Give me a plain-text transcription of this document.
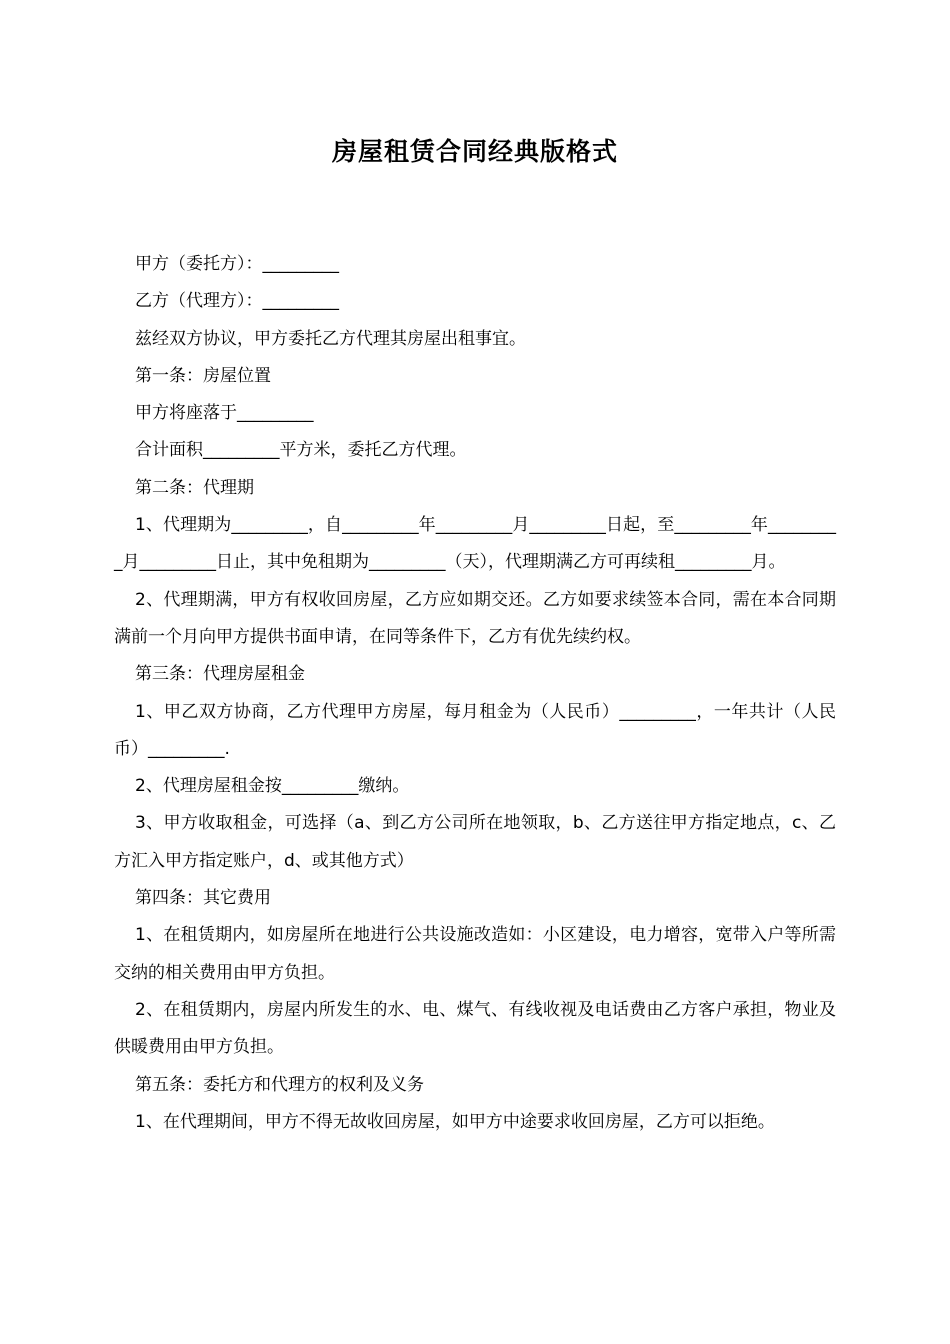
房屋租赁合同经典版格式

甲方（委托方）：_________

乙方（代理方）：_________

兹经双方协议，甲方委托乙方代理其房屋出租事宜。

第一条：房屋位置

甲方将座落于_________

合计面积_________平方米，委托乙方代理。

第二条：代理期

1、代理期为_________，自_________年_________月_________日起，至_________年_________月_________日止，其中免租期为_________（天），代理期满乙方可再续租_________月。

2、代理期满，甲方有权收回房屋，乙方应如期交还。乙方如要求续签本合同，需在本合同期满前一个月向甲方提供书面申请，在同等条件下，乙方有优先续约权。

第三条：代理房屋租金

1、甲乙双方协商，乙方代理甲方房屋，每月租金为（人民币）_________，一年共计（人民币）_________.

2、代理房屋租金按_________缴纳。

3、甲方收取租金，可选择（a、到乙方公司所在地领取，b、乙方送往甲方指定地点，c、乙方汇入甲方指定账户，d、或其他方式）

第四条：其它费用

1、在租赁期内，如房屋所在地进行公共设施改造如：小区建设，电力增容，宽带入户等所需交纳的相关费用由甲方负担。

2、在租赁期内，房屋内所发生的水、电、煤气、有线收视及电话费由乙方客户承担，物业及供暖费用由甲方负担。

第五条：委托方和代理方的权利及义务

1、在代理期间，甲方不得无故收回房屋，如甲方中途要求收回房屋，乙方可以拒绝。
